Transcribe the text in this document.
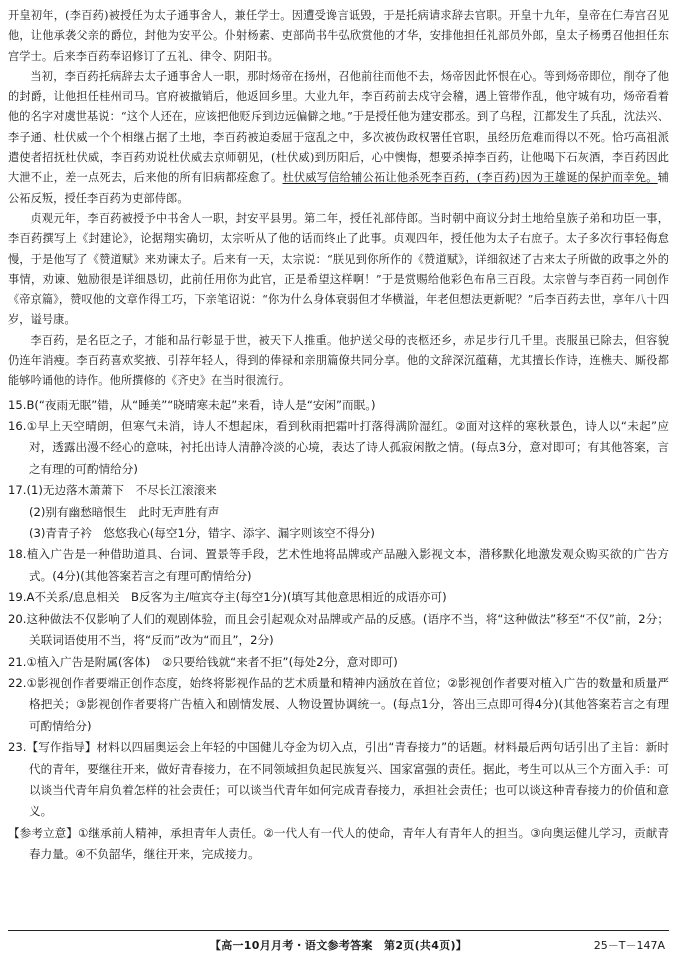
开皇初年，(李百药)被授任为太子通事舍人，兼任学士。因遭受谗言诋毁，于是托病请求辞去官职。开皇十九年，皇帝在仁寿宫召见他，让他承袭父亲的爵位，封他为安平公。仆射杨素、吏部尚书牛弘欣赏他的才华，安排他担任礼部员外郎，皇太子杨勇召他担任东宫学士。后来李百药奉诏修订了五礼、律令、阴阳书。

当初，李百药托病辞去太子通事舍人一职，那时炀帝在扬州，召他前往而他不去，炀帝因此怀恨在心。等到炀帝即位，削夺了他的封爵，让他担任桂州司马。官府被撤销后，他返回乡里。大业九年，李百药前去戍守会稽，遇上管带作乱，他守城有功，炀帝看着他的名字对虞世基说：“这个人还在，应该把他贬斥到边远偏僻之地。”于是授任他为建安郡丞。到了乌程，江都发生了兵乱，沈法兴、李子通、杜伏威一个个相继占据了土地，李百药被迫委屈于寇乱之中，多次被伪政权署任官职，虽经历危难而得以不死。恰巧高祖派遣使者招抚杜伏威，李百药劝说杜伏威去京师朝见，(杜伏威)到历阳后，心中懊悔，想要杀掉李百药，让他喝下石灰酒，李百药因此大泄不止，差一点死去，后来他的所有旧病都痊愈了。杜伏威写信给辅公祏让他杀死李百药，(李百药)因为王雄诞的保护而幸免。辅公祏反叛，授任李百药为吏部侍郎。

贞观元年，李百药被授予中书舍人一职，封安平县男。第二年，授任礼部侍郎。当时朝中商议分封土地给皇族子弟和功臣一事，李百药撰写上《封建论》，论据翔实确切，太宗听从了他的话而终止了此事。贞观四年，授任他为太子右庶子。太子多次行事轻侮怠慢，于是他写了《赞道赋》来劝谏太子。后来有一天，太宗说：“朕见到你所作的《赞道赋》，详细叙述了古来太子所做的政事之外的事情，劝谏、勉励很是详细恳切，此前任用你为此官，正是希望这样啊！”于是赏赐给他彩色布帛三百段。太宗曾与李百药一同创作《帝京篇》，赞叹他的文章作得工巧，下亲笔诏说：“你为什么身体衰弱但才华横溢，年老但想法更新呢？”后李百药去世，享年八十四岁，谥号康。

李百药，是名臣之子，才能和品行彰显于世，被天下人推重。他护送父母的丧柩还乡，赤足步行几千里。丧服虽已除去，但容貌仍连年消瘦。李百药喜欢奖掖、引荐年轻人，得到的俸禄和亲朋篇僚共同分享。他的文辞深沉蕴藉，尤其擅长作诗，连樵夫、厮役都能够吟诵他的诗作。他所撰修的《齐史》在当时很流行。

15.B(“夜雨无眠”错，从“睡美”“晓晴寒未起”来看，诗人是“安闲”而眠。)

16.①早上天空晴朗，但寒气未消，诗人不想起床，看到秋雨把霜叶打落得满阶湿红。②面对这样的寒秋景色，诗人以“未起”应对，透露出漫不经心的意味，衬托出诗人清静冷淡的心境，表达了诗人孤寂闲散之情。(每点3分，意对即可；有其他答案，言之有理的可酌情给分)

17.(1)无边落木萧萧下　不尽长江滚滚来

(2)别有幽愁暗恨生　此时无声胜有声

(3)青青子衿　悠悠我心(每空1分，错字、添字、漏字则该空不得分)

18.植入广告是一种借助道具、台词、置景等手段，艺术性地将品牌或产品融入影视文本，潜移默化地激发观众购买欲的广告方式。(4分)(其他答案若言之有理可酌情给分)

19.A不关系/息息相关　B反客为主/喧宾夺主(每空1分)(填写其他意思相近的成语亦可)

20.这种做法不仅影响了人们的观剧体验，而且会引起观众对品牌或产品的反感。(语序不当，将“这种做法”移至“不仅”前，2分；关联词语使用不当，将“反而”改为“而且”，2分)

21.①植入广告是附属(客体)　②只要给钱就“来者不拒”(每处2分，意对即可)

22.①影视创作者要端正创作态度，始终将影视作品的艺术质量和精神内涵放在首位；②影视创作者要对植入广告的数量和质量严格把关；③影视创作者要将广告植入和剧情发展、人物设置协调统一。(每点1分，答出三点即可得4分)(其他答案若言之有理可酌情给分)

23.【写作指导】材料以四届奥运会上年轻的中国健儿夺金为切入点，引出“青春接力”的话题。材料最后两句话引出了主旨：新时代的青年，要继往开来，做好青春接力，在不同领域担负起民族复兴、国家富强的责任。据此，考生可以从三个方面入手：可以谈当代青年肩负着怎样的社会责任；可以谈当代青年如何完成青春接力，承担社会责任；也可以谈这种青春接力的价值和意义。

【参考立意】①继承前人精神，承担青年人责任。②一代人有一代人的使命，青年人有青年人的担当。③向奥运健儿学习，贡献青春力量。④不负韶华，继往开来，完成接力。

【高一10月月考・语文参考答案　第2页(共4页)】	25－T－147A
